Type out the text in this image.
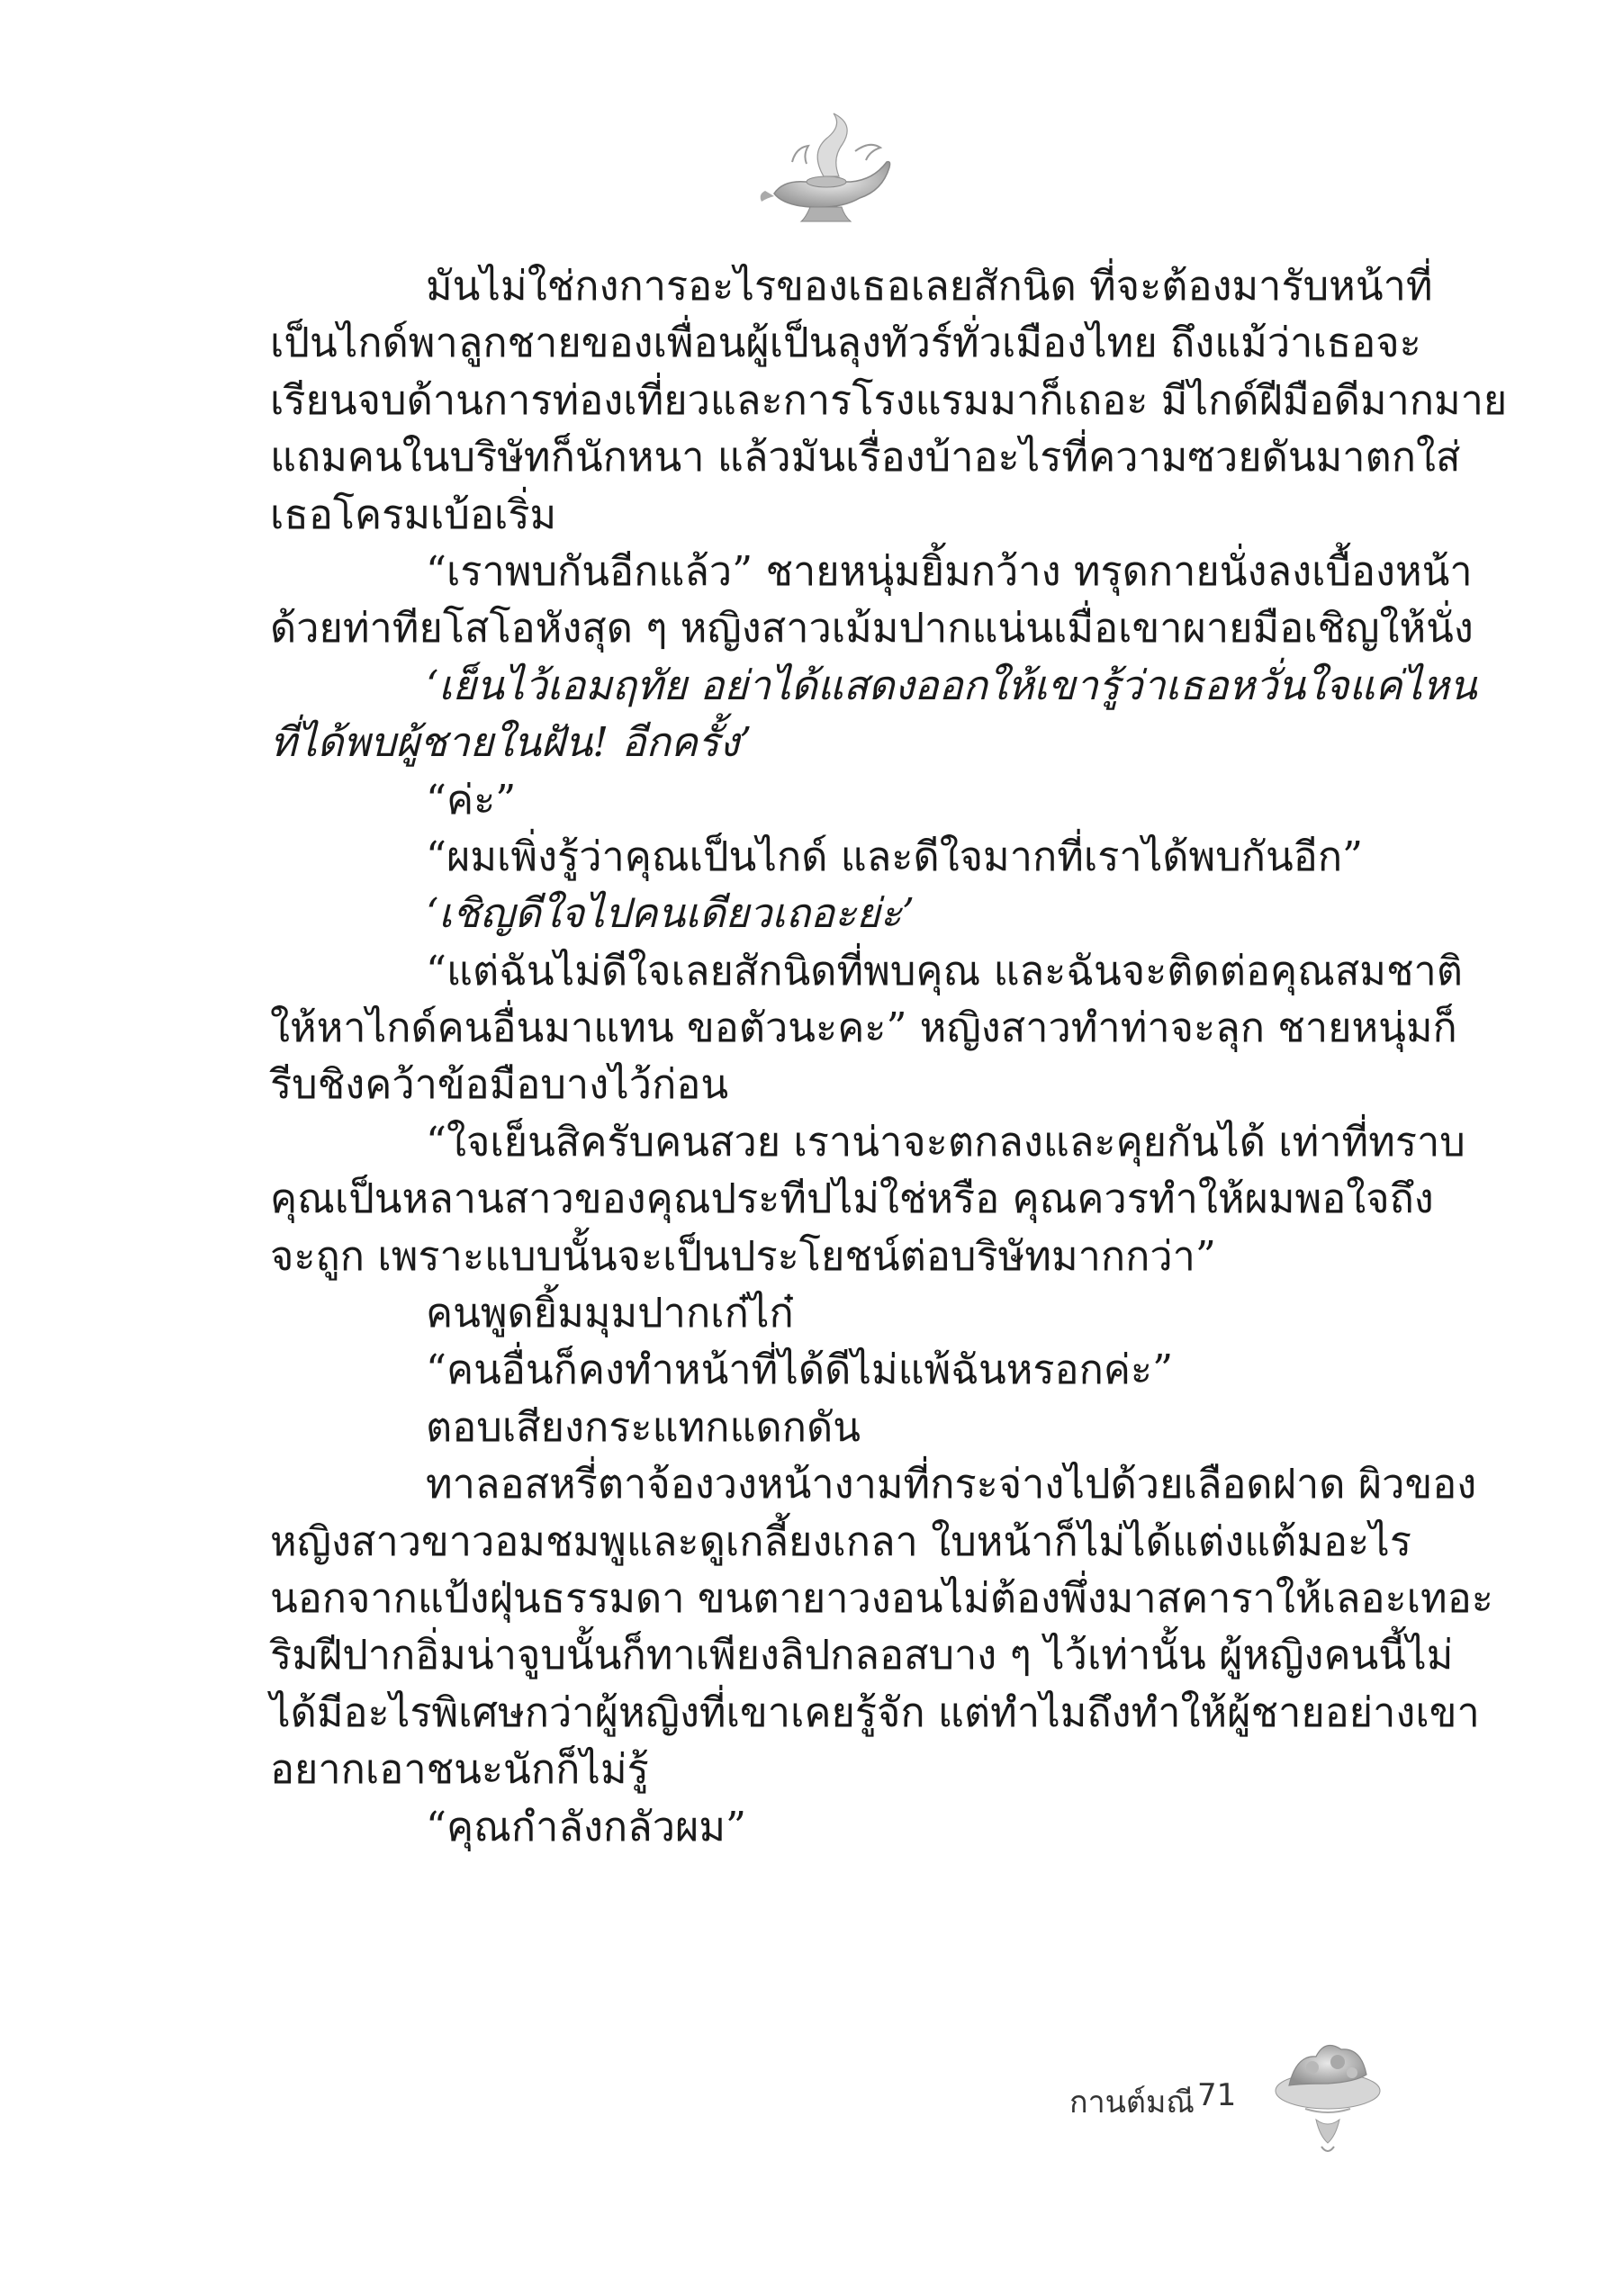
มันไม่ใช่กงการอะไรของเธอเลยสักนิด ที่จะต้องมารับหน้าที่
เป็นไกด์พาลูกชายของเพื่อนผู้เป็นลุงทัวร์ทั่วเมืองไทย ถึงแม้ว่าเธอจะ
เรียนจบด้านการท่องเที่ยวและการโรงแรมมาก็เถอะ มีไกด์ฝีมือดีมากมาย
แถมคนในบริษัทก็นักหนา แล้วมันเรื่องบ้าอะไรที่ความซวยดันมาตกใส่
เธอโครมเบ้อเริ่ม
“เราพบกันอีกแล้ว” ชายหนุ่มยิ้มกว้าง ทรุดกายนั่งลงเบื้องหน้า
ด้วยท่าทียโสโอหังสุด ๆ หญิงสาวเม้มปากแน่นเมื่อเขาผายมือเชิญให้นั่ง
‘เย็นไว้เอมฤทัย อย่าได้แสดงออกให้เขารู้ว่าเธอหวั่นใจแค่ไหน
ที่ได้พบผู้ชายในฝัน! อีกครั้ง’
“ค่ะ”
“ผมเพิ่งรู้ว่าคุณเป็นไกด์ และดีใจมากที่เราได้พบกันอีก”
‘เชิญดีใจไปคนเดียวเถอะย่ะ’
“แต่ฉันไม่ดีใจเลยสักนิดที่พบคุณ และฉันจะติดต่อคุณสมชาติ
ให้หาไกด์คนอื่นมาแทน ขอตัวนะคะ” หญิงสาวทำท่าจะลุก ชายหนุ่มก็
รีบชิงคว้าข้อมือบางไว้ก่อน
“ใจเย็นสิครับคนสวย เราน่าจะตกลงและคุยกันได้ เท่าที่ทราบ
คุณเป็นหลานสาวของคุณประทีปไม่ใช่หรือ คุณควรทำให้ผมพอใจถึง
จะถูก เพราะแบบนั้นจะเป็นประโยชน์ต่อบริษัทมากกว่า”
คนพูดยิ้มมุมปากเก๋ไก๋
“คนอื่นก็คงทำหน้าที่ได้ดีไม่แพ้ฉันหรอกค่ะ”
ตอบเสียงกระแทกแดกดัน
ทาลอสหรี่ตาจ้องวงหน้างามที่กระจ่างไปด้วยเลือดฝาด ผิวของ
หญิงสาวขาวอมชมพูและดูเกลี้ยงเกลา ใบหน้าก็ไม่ได้แต่งแต้มอะไร
นอกจากแป้งฝุ่นธรรมดา ขนตายาวงอนไม่ต้องพึ่งมาสคาราให้เลอะเทอะ
ริมฝีปากอิ่มน่าจูบนั้นก็ทาเพียงลิปกลอสบาง ๆ ไว้เท่านั้น ผู้หญิงคนนี้ไม่
ได้มีอะไรพิเศษกว่าผู้หญิงที่เขาเคยรู้จัก แต่ทำไมถึงทำให้ผู้ชายอย่างเขา
อยากเอาชนะนักก็ไม่รู้
“คุณกำลังกลัวผม”
กานต์มณี 71
